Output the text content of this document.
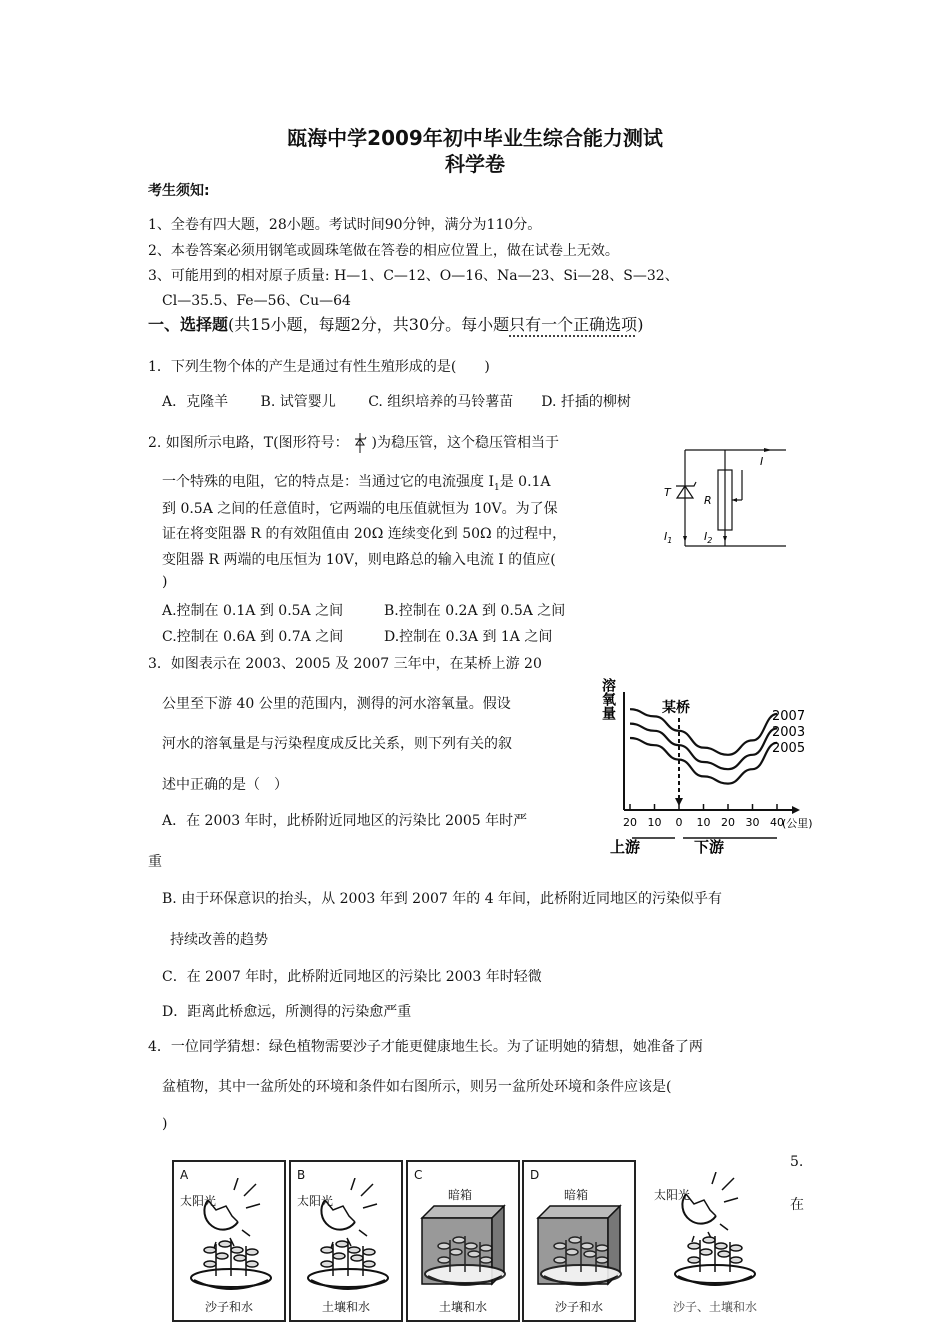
瓯海中学2009年初中毕业生综合能力测试
科学卷
考生须知:
1、全卷有四大题，28小题。考试时间90分钟，满分为110分。
2、本卷答案必须用钢笔或圆珠笔做在答卷的相应位置上，做在试卷上无效。
3、可能用到的相对原子质量: H—1、C—12、O—16、Na—23、Si—28、S—32、
Cl—35.5、Fe—56、Cu—64
一、选择题(共15小题，每题2分，共30分。每小题只有一个正确选项)
1．下列生物个体的产生是通过有性生殖形成的是(　　)
A．克隆羊　　 B. 试管婴儿　　 C. 组织培养的马铃薯苗　　D. 扦插的柳树
2. 如图所示电路，T(图形符号： )为稳压管，这个稳压管相当于
一个特殊的电阻，它的特点是：当通过它的电流强度 $I_1$是 0.1A
到 0.5A 之间的任意值时，它两端的电压值就恒为 10V。为了保
证在将变阻器 R 的有效阻值由 20Ω 连续变化到 50Ω 的过程中，
变阻器 R 两端的电压恒为 10V，则电路总的输入电流 I 的值应(
)
A.控制在 0.1A 到 0.5A 之间	B.控制在 0.2A 到 0.5A 之间
C.控制在 0.6A 到 0.7A 之间	D.控制在 0.3A 到 1A 之间
I
T
R
$I_1$	$I_2$
3．如图表示在 2003、2005 及 2007 三年中，在某桥上游 20
公里至下游 40 公里的范围内，测得的河水溶氧量。假设
河水的溶氧量是与污染程度成反比关系，则下列有关的叙
述中正确的是（　）
A．在 2003 年时，此桥附近同地区的污染比 2005 年时严
重
B. 由于环保意识的抬头，从 2003 年到 2007 年的 4 年间，此桥附近同地区的污染似乎有
持续改善的趋势
C．在 2007 年时，此桥附近同地区的污染比 2003 年时轻微
D．距离此桥愈远，所测得的污染愈严重
溶氧量
(公里)
某桥
上游	下游
20 10 0 10 20 30 40
2007
2003
2005
4．一位同学猜想：绿色植物需要沙子才能更健康地生长。为了证明她的猜想，她准备了两
盆植物，其中一盆所处的环境和条件如右图所示，则另一盆所处环境和条件应该是(
)
5.
在
A
太阳光
沙子和水
B
太阳光
土壤和水
C
暗箱
土壤和水
D
暗箱
沙子和水
太阳光
沙子、土壤和水
